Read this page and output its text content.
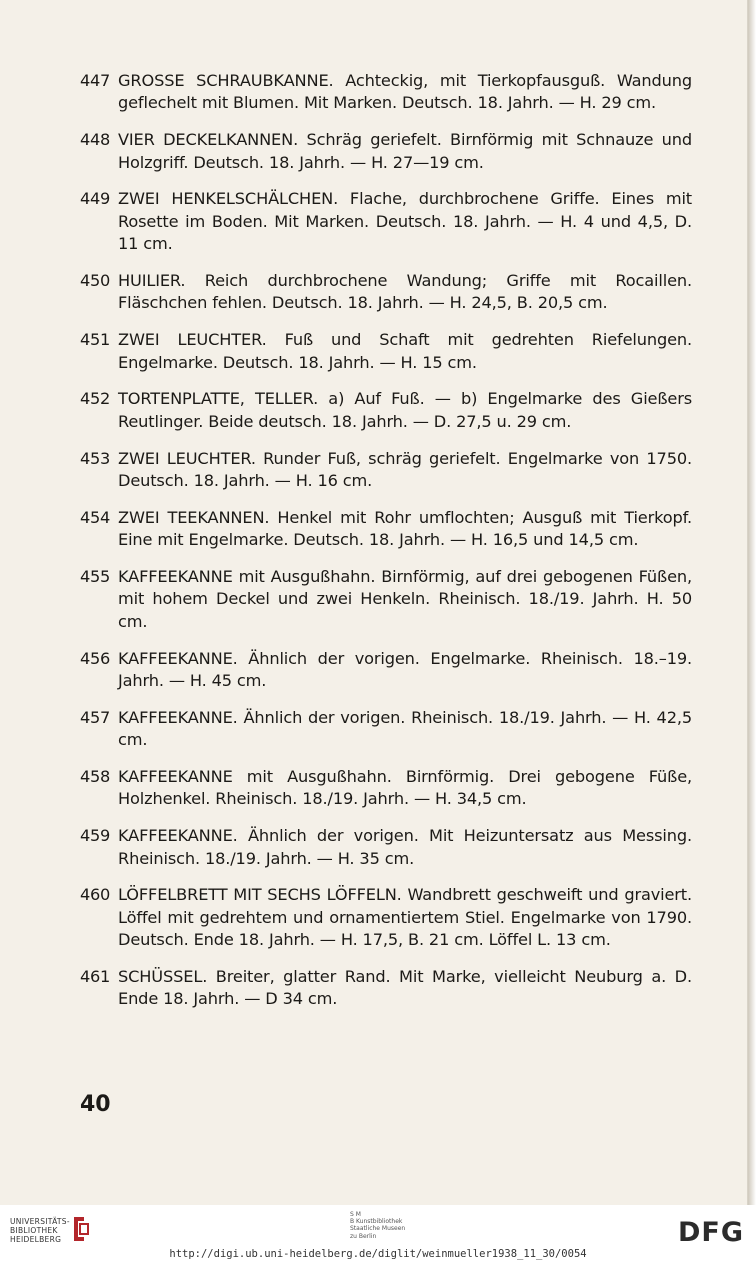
447 GROSSE SCHRAUBKANNE. Achteckig, mit Tierkopfausguß. Wandung geflechelt mit Blumen. Mit Marken. Deutsch. 18. Jahrh. — H. 29 cm.
448 VIER DECKELKANNEN. Schräg geriefelt. Birnförmig mit Schnauze und Holzgriff. Deutsch. 18. Jahrh. — H. 27—19 cm.
449 ZWEI HENKELSCHÄLCHEN. Flache, durchbrochene Griffe. Eines mit Rosette im Boden. Mit Marken. Deutsch. 18. Jahrh. — H. 4 und 4,5, D. 11 cm.
450 HUILIER. Reich durchbrochene Wandung; Griffe mit Rocaillen. Fläschchen fehlen. Deutsch. 18. Jahrh. — H. 24,5, B. 20,5 cm.
451 ZWEI LEUCHTER. Fuß und Schaft mit gedrehten Riefelungen. Engelmarke. Deutsch. 18. Jahrh. — H. 15 cm.
452 TORTENPLATTE, TELLER. a) Auf Fuß. — b) Engelmarke des Gießers Reutlinger. Beide deutsch. 18. Jahrh. — D. 27,5 u. 29 cm.
453 ZWEI LEUCHTER. Runder Fuß, schräg geriefelt. Engelmarke von 1750. Deutsch. 18. Jahrh. — H. 16 cm.
454 ZWEI TEEKANNEN. Henkel mit Rohr umflochten; Ausguß mit Tierkopf. Eine mit Engelmarke. Deutsch. 18. Jahrh. — H. 16,5 und 14,5 cm.
455 KAFFEEKANNE mit Ausgußhahn. Birnförmig, auf drei gebogenen Füßen, mit hohem Deckel und zwei Henkeln. Rheinisch. 18./19. Jahrh. H. 50 cm.
456 KAFFEEKANNE. Ähnlich der vorigen. Engelmarke. Rheinisch. 18.–19. Jahrh. — H. 45 cm.
457 KAFFEEKANNE. Ähnlich der vorigen. Rheinisch. 18./19. Jahrh. — H. 42,5 cm.
458 KAFFEEKANNE mit Ausgußhahn. Birnförmig. Drei gebogene Füße, Holzhenkel. Rheinisch. 18./19. Jahrh. — H. 34,5 cm.
459 KAFFEEKANNE. Ähnlich der vorigen. Mit Heizuntersatz aus Messing. Rheinisch. 18./19. Jahrh. — H. 35 cm.
460 LÖFFELBRETT MIT SECHS LÖFFELN. Wandbrett geschweift und graviert. Löffel mit gedrehtem und ornamentiertem Stiel. Engelmarke von 1790. Deutsch. Ende 18. Jahrh. — H. 17,5, B. 21 cm. Löffel L. 13 cm.
461 SCHÜSSEL. Breiter, glatter Rand. Mit Marke, vielleicht Neuburg a. D. Ende 18. Jahrh. — D 34 cm.
40
UNIVERSITÄTS-
BIBLIOTHEK
HEIDELBERG
S M
B Kunstbibliothek
Staatliche Museen
zu Berlin	DFG
http://digi.ub.uni-heidelberg.de/diglit/weinmueller1938_11_30/0054
